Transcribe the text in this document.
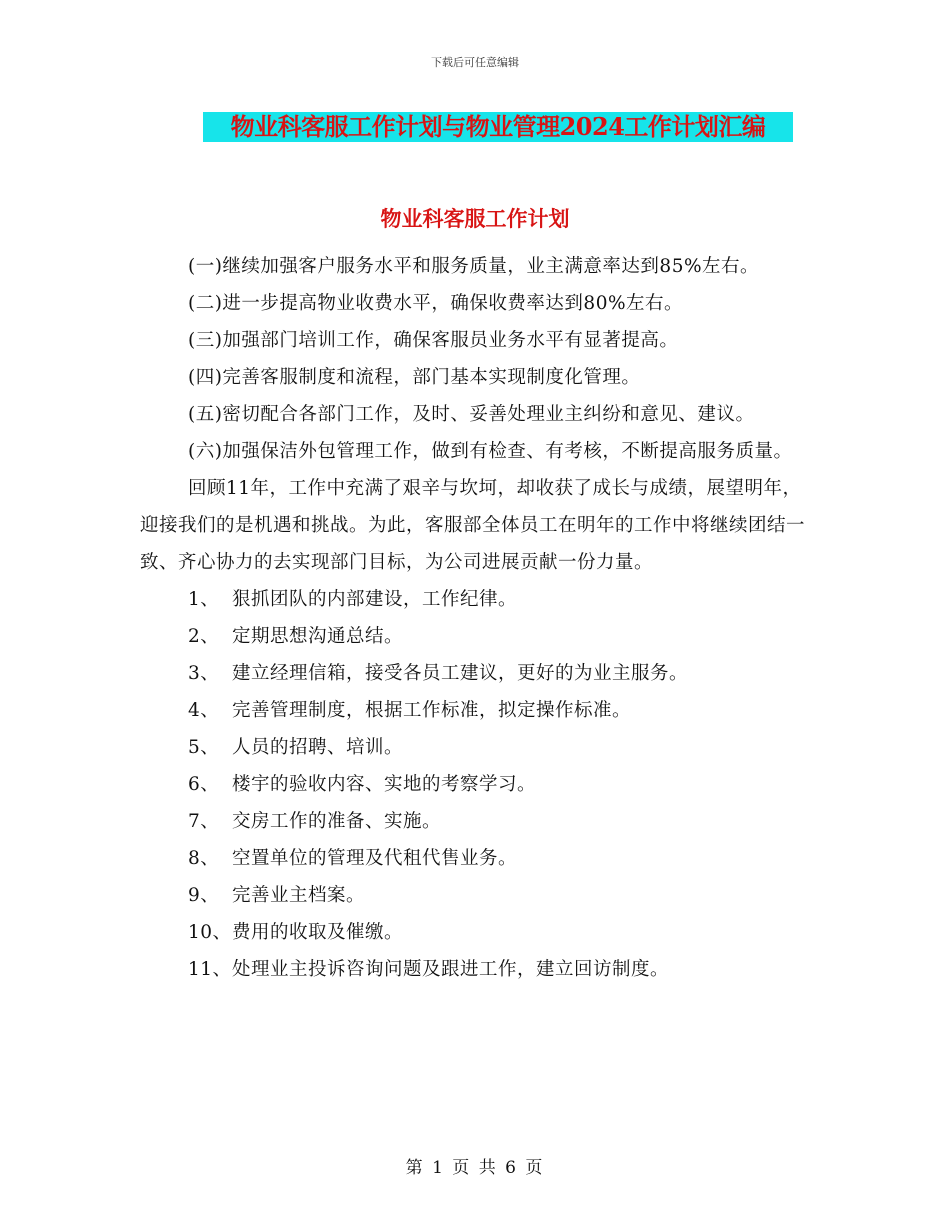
下载后可任意编辑
物业科客服工作计划与物业管理2024工作计划汇编
物业科客服工作计划

(一)继续加强客户服务水平和服务质量，业主满意率达到85%左右。

(二)进一步提高物业收费水平，确保收费率达到80%左右。

(三)加强部门培训工作，确保客服员业务水平有显著提高。

(四)完善客服制度和流程，部门基本实现制度化管理。

(五)密切配合各部门工作，及时、妥善处理业主纠纷和意见、建议。

(六)加强保洁外包管理工作，做到有检查、有考核，不断提高服务质量。

回顾11年，工作中充满了艰辛与坎坷，却收获了成长与成绩，展望明年，迎接我们的是机遇和挑战。为此，客服部全体员工在明年的工作中将继续团结一致、齐心协力的去实现部门目标，为公司进展贡献一份力量。

1、 狠抓团队的内部建设，工作纪律。

2、 定期思想沟通总结。

3、 建立经理信箱，接受各员工建议，更好的为业主服务。

4、 完善管理制度，根据工作标准，拟定操作标准。

5、 人员的招聘、培训。

6、 楼宇的验收内容、实地的考察学习。

7、 交房工作的准备、实施。

8、 空置单位的管理及代租代售业务。

9、 完善业主档案。

10、费用的收取及催缴。

11、处理业主投诉咨询问题及跟进工作，建立回访制度。

第 1 页 共 6 页
